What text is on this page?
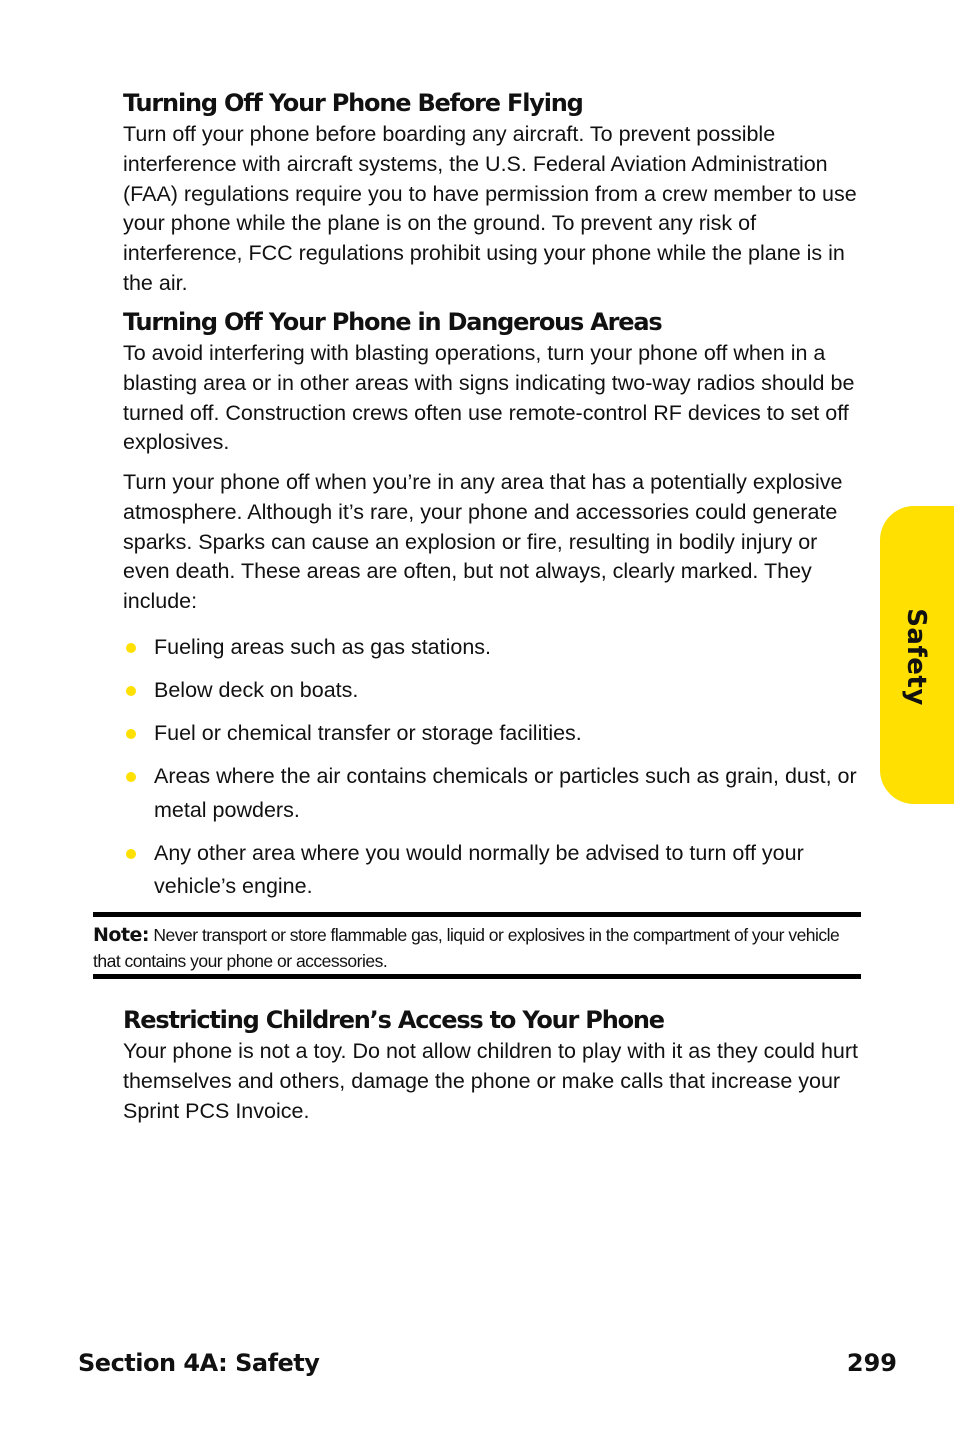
Turning Off Your Phone Before Flying

Turn off your phone before boarding any aircraft. To prevent possible interference with aircraft systems, the U.S. Federal Aviation Administration (FAA) regulations require you to have permission from a crew member to use your phone while the plane is on the ground. To prevent any risk of interference, FCC regulations prohibit using your phone while the plane is in the air.

Turning Off Your Phone in Dangerous Areas

To avoid interfering with blasting operations, turn your phone off when in a blasting area or in other areas with signs indicating two-way radios should be turned off. Construction crews often use remote-control RF devices to set off explosives.

Turn your phone off when you’re in any area that has a potentially explosive atmosphere. Although it’s rare, your phone and accessories could generate sparks. Sparks can cause an explosion or fire, resulting in bodily injury or even death. These areas are often, but not always, clearly marked. They include:

Fueling areas such as gas stations.
Below deck on boats.
Fuel or chemical transfer or storage facilities.
Areas where the air contains chemicals or particles such as grain, dust, or metal powders.
Any other area where you would normally be advised to turn off your vehicle’s engine.
Restricting Children’s Access to Your Phone

Your phone is not a toy. Do not allow children to play with it as they could hurt themselves and others, damage the phone or make calls that increase your Sprint PCS Invoice.

Note: Never transport or store flammable gas, liquid or explosives in the compartment of your vehicle that contains your phone or accessories.
Safety
Section 4A: Safety	299
